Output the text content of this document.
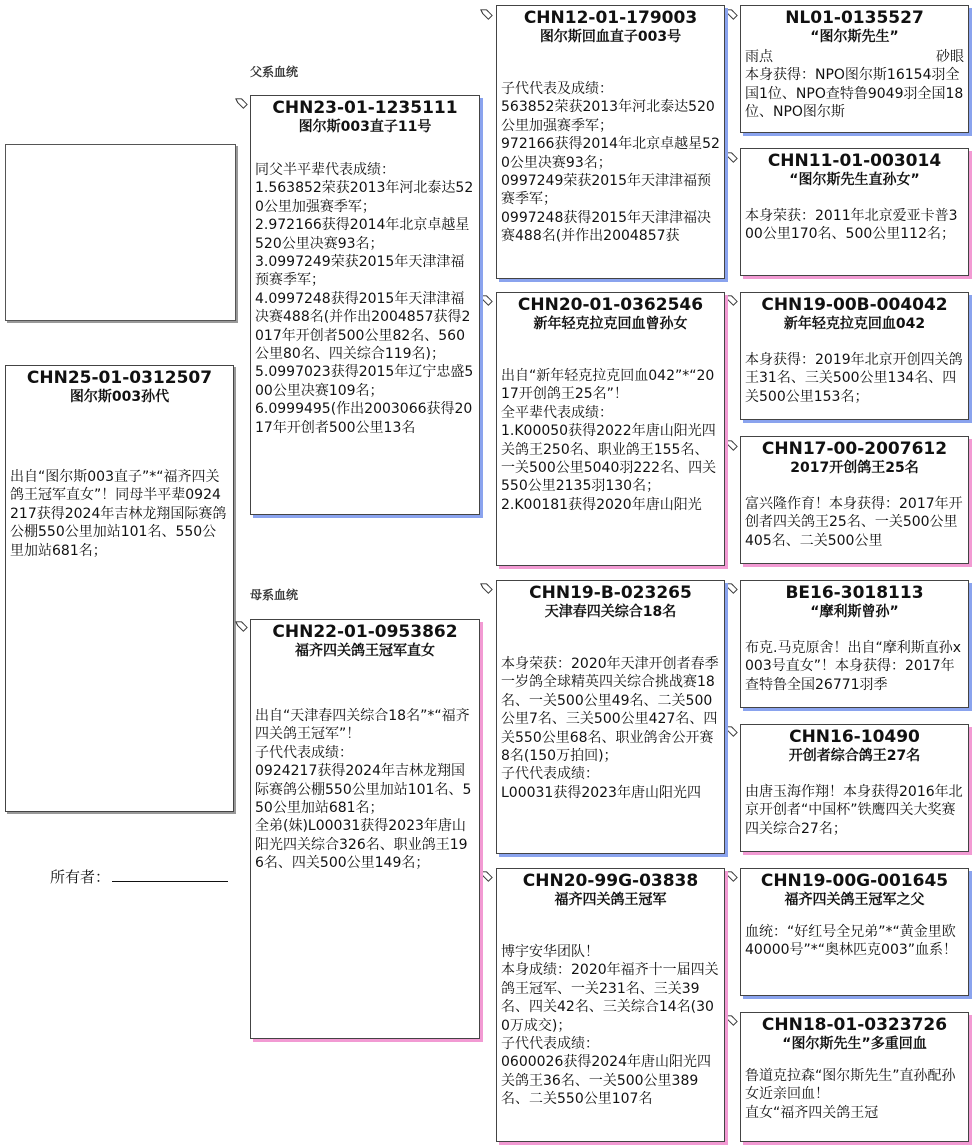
CHN25-01-0312507
图尔斯003孙代
出自“图尔斯003直子”*“福齐四关鸽王冠军直女”！同母半平辈0924217获得2024年吉林龙翔国际赛鸽公棚550公里加站101名、550公里加站681名；
所有者：
父系血统
母系血统
CHN23-01-1235111
图尔斯003直子11号
同父半平辈代表成绩：
1.563852荣获2013年河北泰达520公里加强赛季军；
2.972166获得2014年北京卓越星520公里决赛93名；
3.0997249荣获2015年天津津福预赛季军；
4.0997248获得2015年天津津福决赛488名(并作出2004857获得2017年开创者500公里82名、560公里80名、四关综合119名)；
5.0997023获得2015年辽宁忠盛500公里决赛109名；
6.0999495(作出2003066获得2017年开创者500公里13名
CHN22-01-0953862
福齐四关鸽王冠军直女
出自“天津春四关综合18名”*“福齐四关鸽王冠军”！
子代代表成绩：
0924217获得2024年吉林龙翔国际赛鸽公棚550公里加站101名、550公里加站681名；
全弟(妹)L00031获得2023年唐山阳光四关综合326名、职业鸽王196名、四关500公里149名；
CHN12-01-179003
图尔斯回血直子003号
子代代表及成绩：
563852荣获2013年河北泰达520公里加强赛季军；
972166获得2014年北京卓越星520公里决赛93名；
0997249荣获2015年天津津福预赛季军；
0997248获得2015年天津津福决赛488名(并作出2004857获
CHN20-01-0362546
新年轻克拉克回血曾孙女
出自“新年轻克拉克回血042”*“2017开创鸽王25名”！
全平辈代表成绩：
1.K00050获得2022年唐山阳光四关鸽王250名、职业鸽王155名、一关500公里5040羽222名、四关550公里2135羽130名；
2.K00181获得2020年唐山阳光
CHN19-B-023265
天津春四关综合18名
本身荣获：2020年天津开创者春季一岁鸽全球精英四关综合挑战赛18名、一关500公里49名、二关500公里7名、三关500公里427名、四关550公里68名、职业鸽舍公开赛8名(150万拍回)；
子代代表成绩：
L00031获得2023年唐山阳光四
CHN20-99G-03838
福齐四关鸽王冠军
博宇安华团队！
本身成绩：2020年福齐十一届四关鸽王冠军、一关231名、三关39名、四关42名、三关综合14名(300万成交)；
子代代表成绩：
0600026获得2024年唐山阳光四关鸽王36名、一关500公里389名、二关550公里107名
NL01-0135527
“图尔斯先生”
雨点	砂眼
本身获得：NPO图尔斯16154羽全国1位、NPO查特鲁9049羽全国18位、NPO图尔斯
CHN11-01-003014
“图尔斯先生直孙女”
本身荣获：2011年北京爱亚卡普300公里170名、500公里112名；
CHN19-00B-004042
新年轻克拉克回血042
本身获得：2019年北京开创四关鸽王31名、三关500公里134名、四关500公里153名；
CHN17-00-2007612
2017开创鸽王25名
富兴隆作育！本身获得：2017年开创者四关鸽王25名、一关500公里405名、二关500公里
BE16-3018113
“摩利斯曾孙”
布克.马克原舍！出自“摩利斯直孙x003号直女”！本身获得：2017年查特鲁全国26771羽季
CHN16-10490
开创者综合鸽王27名
由唐玉海作翔！本身获得2016年北京开创者“中国杯”铁鹰四关大奖赛四关综合27名；
CHN19-00G-001645
福齐四关鸽王冠军之父
血统：“好红号全兄弟”*“黄金里欧40000号”*“奥林匹克003”血系！
CHN18-01-0323726
“图尔斯先生”多重回血
鲁道克拉森“图尔斯先生”直孙配孙女近亲回血！
直女“福齐四关鸽王冠
